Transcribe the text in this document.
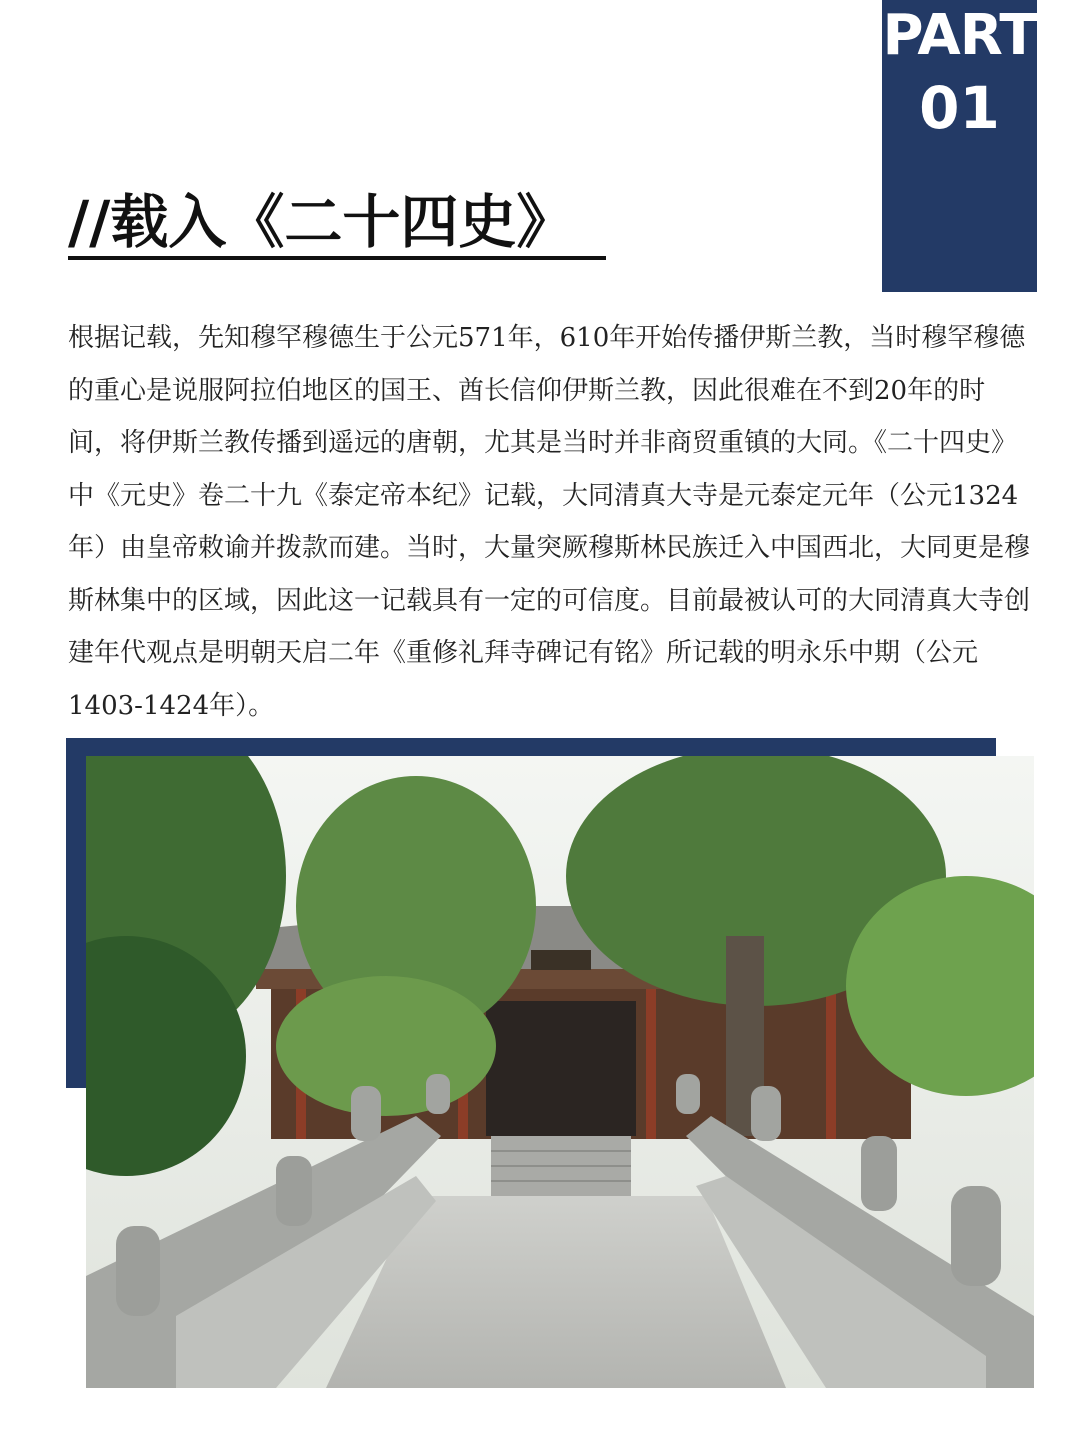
PART
01
//载入《二十四史》

根据记载，先知穆罕穆德生于公元571年，610年开始传播伊斯兰教，当时穆罕穆德的重心是说服阿拉伯地区的国王、酋长信仰伊斯兰教，因此很难在不到20年的时间，将伊斯兰教传播到遥远的唐朝，尤其是当时并非商贸重镇的大同。《二十四史》中《元史》卷二十九《泰定帝本纪》记载，大同清真大寺是元泰定元年（公元1324年）由皇帝敕谕并拨款而建。当时，大量突厥穆斯林民族迁入中国西北，大同更是穆斯林集中的区域，因此这一记载具有一定的可信度。目前最被认可的大同清真大寺创建年代观点是明朝天启二年《重修礼拜寺碑记有铭》所记载的明永乐中期（公元1403-1424年）。
